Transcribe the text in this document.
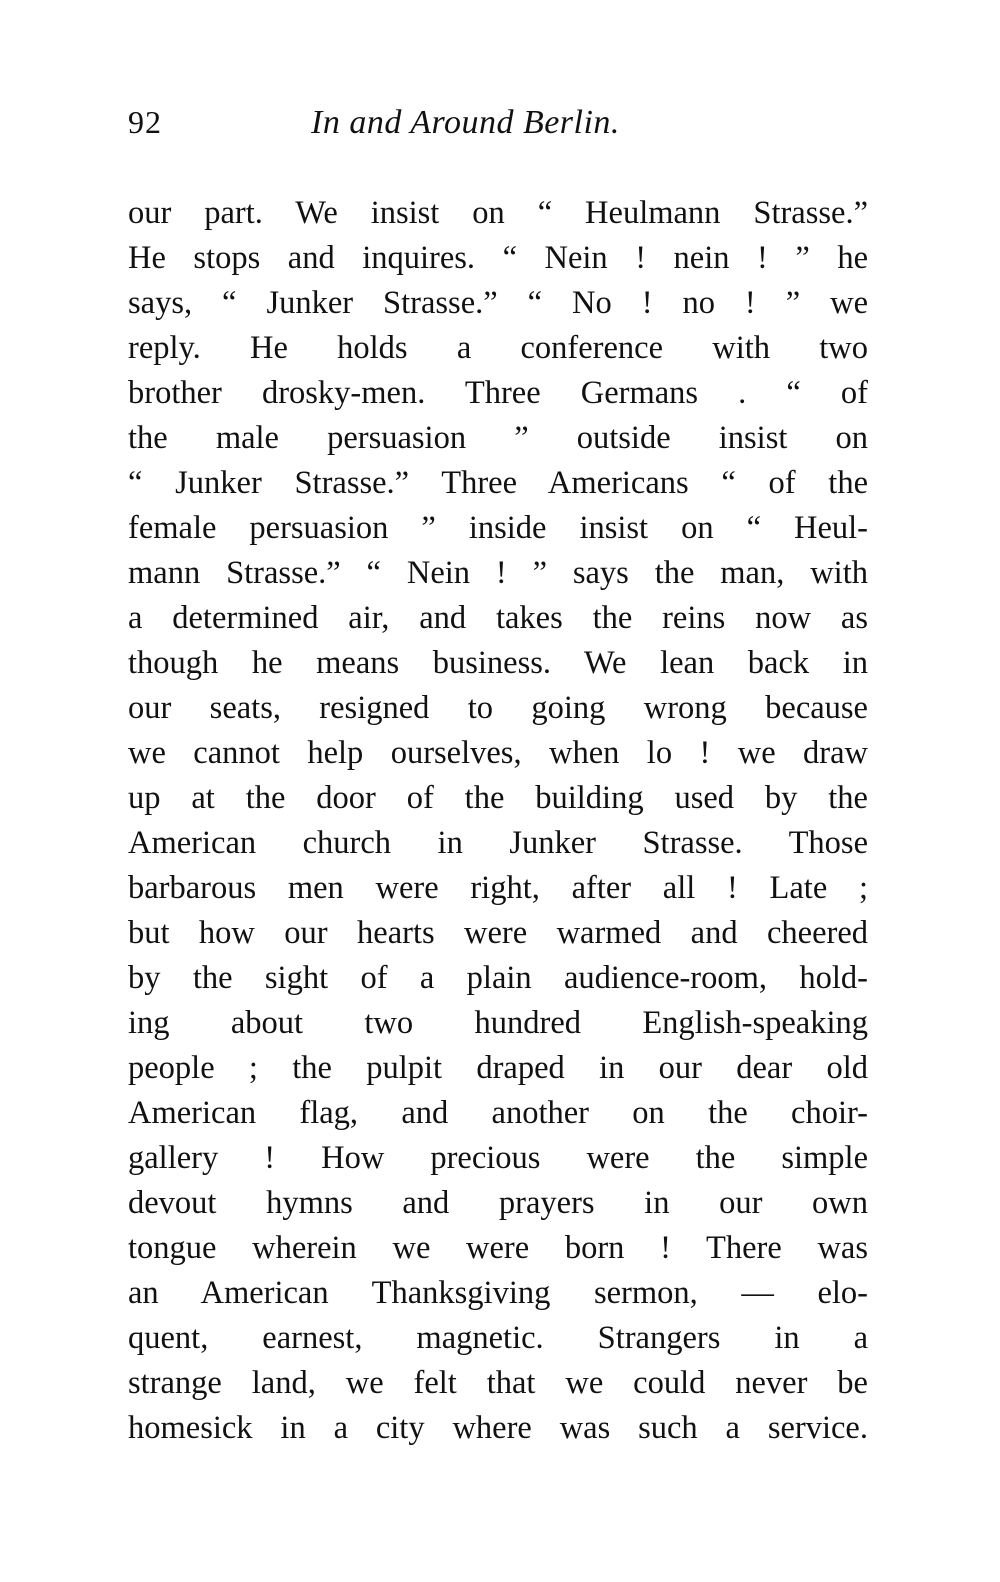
92	In and Around Berlin.
our part. We insist on “ Heulmann Strasse.”
He stops and inquires. “ Nein ! nein ! ” he
says, “ Junker Strasse.” “ No ! no ! ” we
reply. He holds a conference with two
brother drosky-men. Three Germans . “ of
the male persuasion ” outside insist on
“ Junker Strasse.” Three Americans “ of the
female persuasion ” inside insist on “ Heul-
mann Strasse.” “ Nein ! ” says the man, with
a determined air, and takes the reins now as
though he means business. We lean back in
our seats, resigned to going wrong because
we cannot help ourselves, when lo ! we draw
up at the door of the building used by the
American church in Junker Strasse. Those
barbarous men were right, after all ! Late ;
but how our hearts were warmed and cheered
by the sight of a plain audience-room, hold-
ing about two hundred English-speaking
people ; the pulpit draped in our dear old
American flag, and another on the choir-
gallery ! How precious were the simple
devout hymns and prayers in our own
tongue wherein we were born ! There was
an American Thanksgiving sermon, — elo-
quent, earnest, magnetic. Strangers in a
strange land, we felt that we could never be
homesick in a city where was such a service.
